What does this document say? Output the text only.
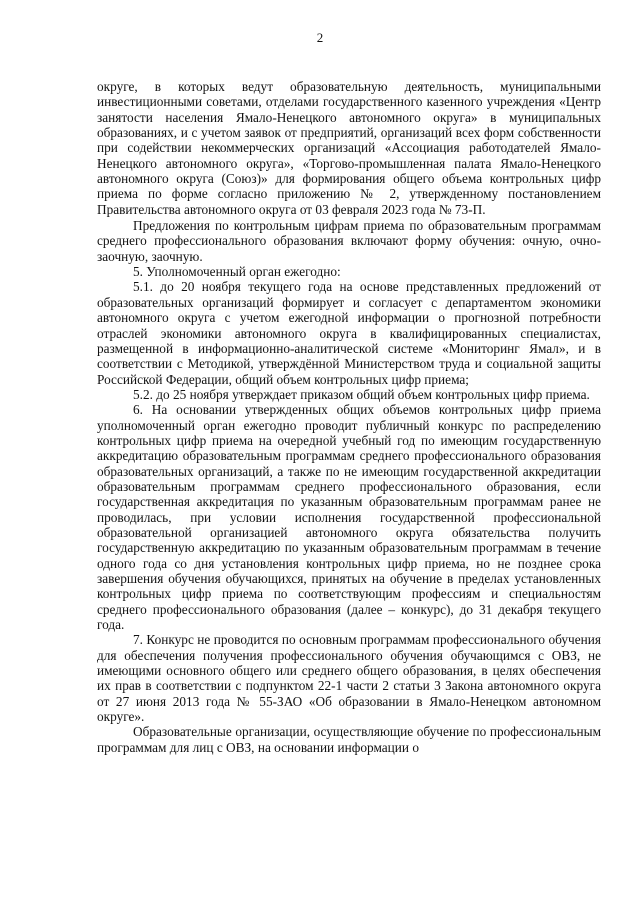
2

округе, в которых ведут образовательную деятельность, муниципальными инвестиционными советами, отделами государственного казенного учреждения «Центр занятости населения Ямало-Ненецкого автономного округа» в муниципальных образованиях, и с учетом заявок от предприятий, организаций всех форм собственности при содействии некоммерческих организаций «Ассоциация работодателей Ямало-Ненецкого автономного округа», «Торгово-промышленная палата Ямало-Ненецкого автономного округа (Союз)» для формирования общего объема контрольных цифр приема по форме согласно приложению № 2, утвержденному постановлением Правительства автономного округа от 03 февраля 2023 года № 73-П.

Предложения по контрольным цифрам приема по образовательным программам среднего профессионального образования включают форму обучения: очную, очно-заочную, заочную.

5. Уполномоченный орган ежегодно:

5.1. до 20 ноября текущего года на основе представленных предложений от образовательных организаций формирует и согласует с департаментом экономики автономного округа с учетом ежегодной информации о прогнозной потребности отраслей экономики автономного округа в квалифицированных специалистах, размещенной в информационно-аналитической системе «Мониторинг Ямал», и в соответствии с Методикой, утверждённой Министерством труда и социальной защиты Российской Федерации, общий объем контрольных цифр приема;

5.2. до 25 ноября утверждает приказом общий объем контрольных цифр приема.

6. На основании утвержденных общих объемов контрольных цифр приема уполномоченный орган ежегодно проводит публичный конкурс по распределению контрольных цифр приема на очередной учебный год по имеющим государственную аккредитацию образовательным программам среднего профессионального образования образовательных организаций, а также по не имеющим государственной аккредитации образовательным программам среднего профессионального образования, если государственная аккредитация по указанным образовательным программам ранее не проводилась, при условии исполнения государственной профессиональной образовательной организацией автономного округа обязательства получить государственную аккредитацию по указанным образовательным программам в течение одного года со дня установления контрольных цифр приема, но не позднее срока завершения обучения обучающихся, принятых на обучение в пределах установленных контрольных цифр приема по соответствующим профессиям и специальностям среднего профессионального образования (далее – конкурс), до 31 декабря текущего года.

7. Конкурс не проводится по основным программам профессионального обучения для обеспечения получения профессионального обучения обучающимся с ОВЗ, не имеющими основного общего или среднего общего образования, в целях обеспечения их прав в соответствии с подпунктом 22-1 части 2 статьи 3 Закона автономного округа от 27 июня 2013 года № 55-ЗАО «Об образовании в Ямало-Ненецком автономном округе».

Образовательные организации, осуществляющие обучение по профессиональным программам для лиц с ОВЗ, на основании информации о
